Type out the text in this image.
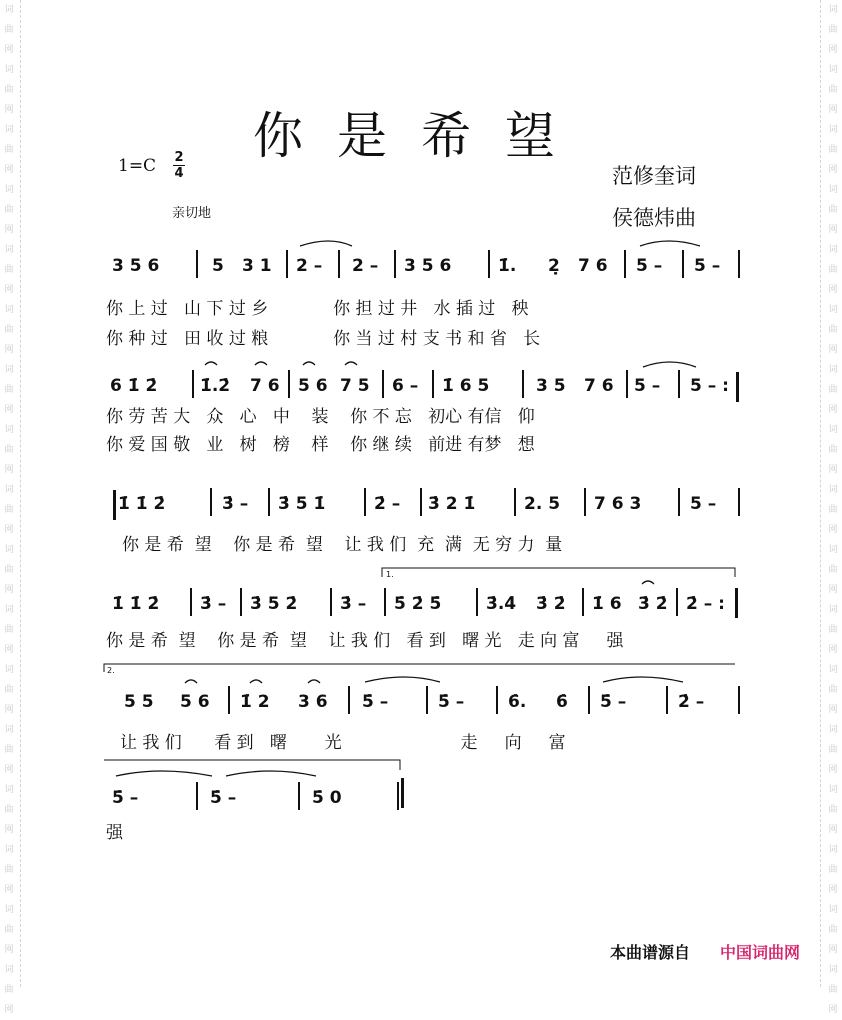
词曲网词曲网词曲网词曲网词曲网词曲网词曲网词曲网词曲网词曲网词曲网词曲网词曲网词曲网词曲网词曲网词曲网
词曲网词曲网词曲网词曲网词曲网词曲网词曲网词曲网词曲网词曲网词曲网词曲网词曲网词曲网词曲网词曲网词曲网
你是希望
1=C 2
4
亲切地
范修奎词
侯德炜曲
3 5 6	5 3 1 2 – 2 – 3 5 6	1̇. 2̣ 7 6 5 – 5 –
你 上 过   山 下 过 乡            你 担 过 井   水 插 过   秧
你 种 过   田 收 过 粮            你 当 过 村 支 书 和 省   长
6 1̇ 2̇	1̇.2̇ 7 6 5 6 7 5 6 – 1̇ 6 5	3 5 7 6 5 – 5 – :
你 劳 苦 大   众   心   中    装    你 不 忘   初心 有信   仰
你 爱 国 敬   业   树   榜    样    你 继 续   前进 有梦   想
1̇ 1̇ 2̇	3̇ – 3̇ 5 1̇	2̇ – 3̇ 2 1̇	2. 5 7 6 3	5 –
你 是 希  望    你 是 希  望    让 我 们  充  满  无 穷 力  量
1.
1̇ 1̇ 2̇ 3̇ – 3̇ 5 2̇	3̇ – 5̇ 2̇ 5̇	3̇.4̇ 3̇ 2̇ 1̇ 6 3̇ 2̇ 2̇ – :
你 是 希  望    你 是 希  望    让 我 们   看 到   曙 光   走 向 富     强
2.
5 5 5 6 1̇ 2 3 6 5̇ –	5̇ –	6̇. 6̇ 5̇ –	2̇ –
让 我 们      看 到   曙       光                      走     向     富
5̇ –	5̇ –	5̇ 0
强
本曲谱源自 中国词曲网
